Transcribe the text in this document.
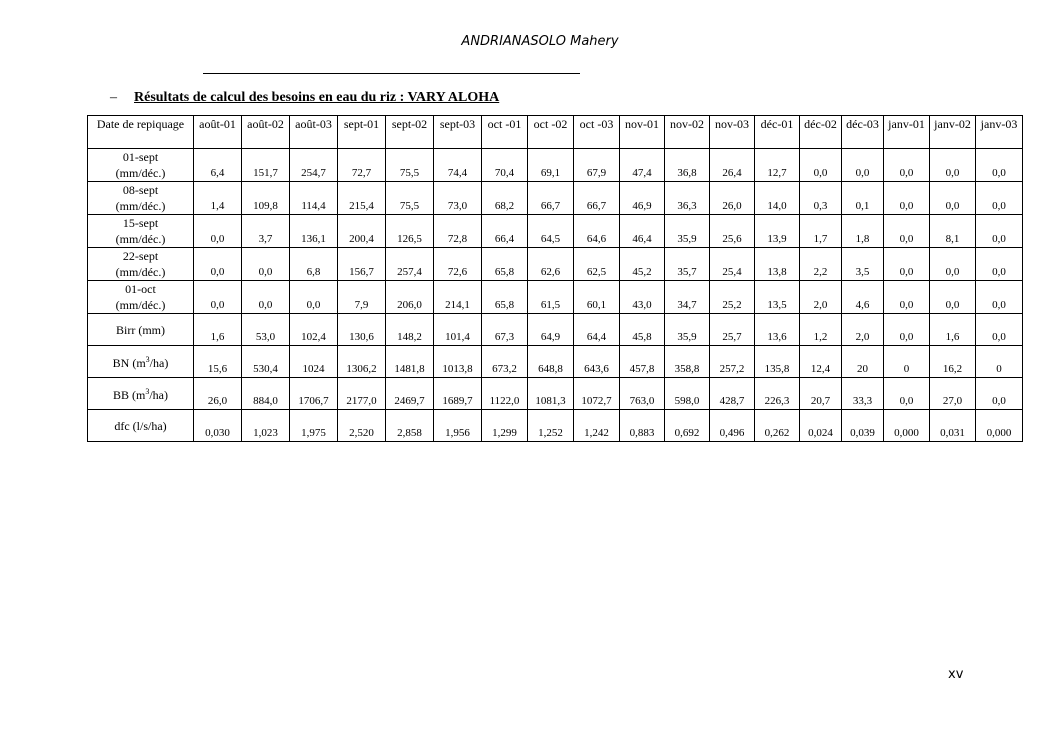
ANDRIANASOLO Mahery
– Résultats de calcul des besoins en eau du riz : VARY ALOHA
Date de repiquage	août-01	août-02	août-03	sept-01	sept-02	sept-03	oct -01	oct -02	oct -03	nov-01	nov-02	nov-03	déc-01	déc-02	déc-03	janv-01	janv-02	janv-03
01-sept (mm/déc.)	6,4	151,7	254,7	72,7	75,5	74,4	70,4	69,1	67,9	47,4	36,8	26,4	12,7	0,0	0,0	0,0	0,0	0,0
08-sept (mm/déc.)	1,4	109,8	114,4	215,4	75,5	73,0	68,2	66,7	66,7	46,9	36,3	26,0	14,0	0,3	0,1	0,0	0,0	0,0
15-sept (mm/déc.)	0,0	3,7	136,1	200,4	126,5	72,8	66,4	64,5	64,6	46,4	35,9	25,6	13,9	1,7	1,8	0,0	8,1	0,0
22-sept (mm/déc.)	0,0	0,0	6,8	156,7	257,4	72,6	65,8	62,6	62,5	45,2	35,7	25,4	13,8	2,2	3,5	0,0	0,0	0,0
01-oct (mm/déc.)	0,0	0,0	0,0	7,9	206,0	214,1	65,8	61,5	60,1	43,0	34,7	25,2	13,5	2,0	4,6	0,0	0,0	0,0
Birr (mm)	1,6	53,0	102,4	130,6	148,2	101,4	67,3	64,9	64,4	45,8	35,9	25,7	13,6	1,2	2,0	0,0	1,6	0,0
BN $(m^3/ha)$	15,6	530,4	1024	1306,2	1481,8	1013,8	673,2	648,8	643,6	457,8	358,8	257,2	135,8	12,4	20	0	16,2	0
BB $(m^3/ha)$	26,0	884,0	1706,7	2177,0	2469,7	1689,7	1122,0	1081,3	1072,7	763,0	598,0	428,7	226,3	20,7	33,3	0,0	27,0	0,0
dfc (l/s/ha)	0,030	1,023	1,975	2,520	2,858	1,956	1,299	1,252	1,242	0,883	0,692	0,496	0,262	0,024	0,039	0,000	0,031	0,000
xv
